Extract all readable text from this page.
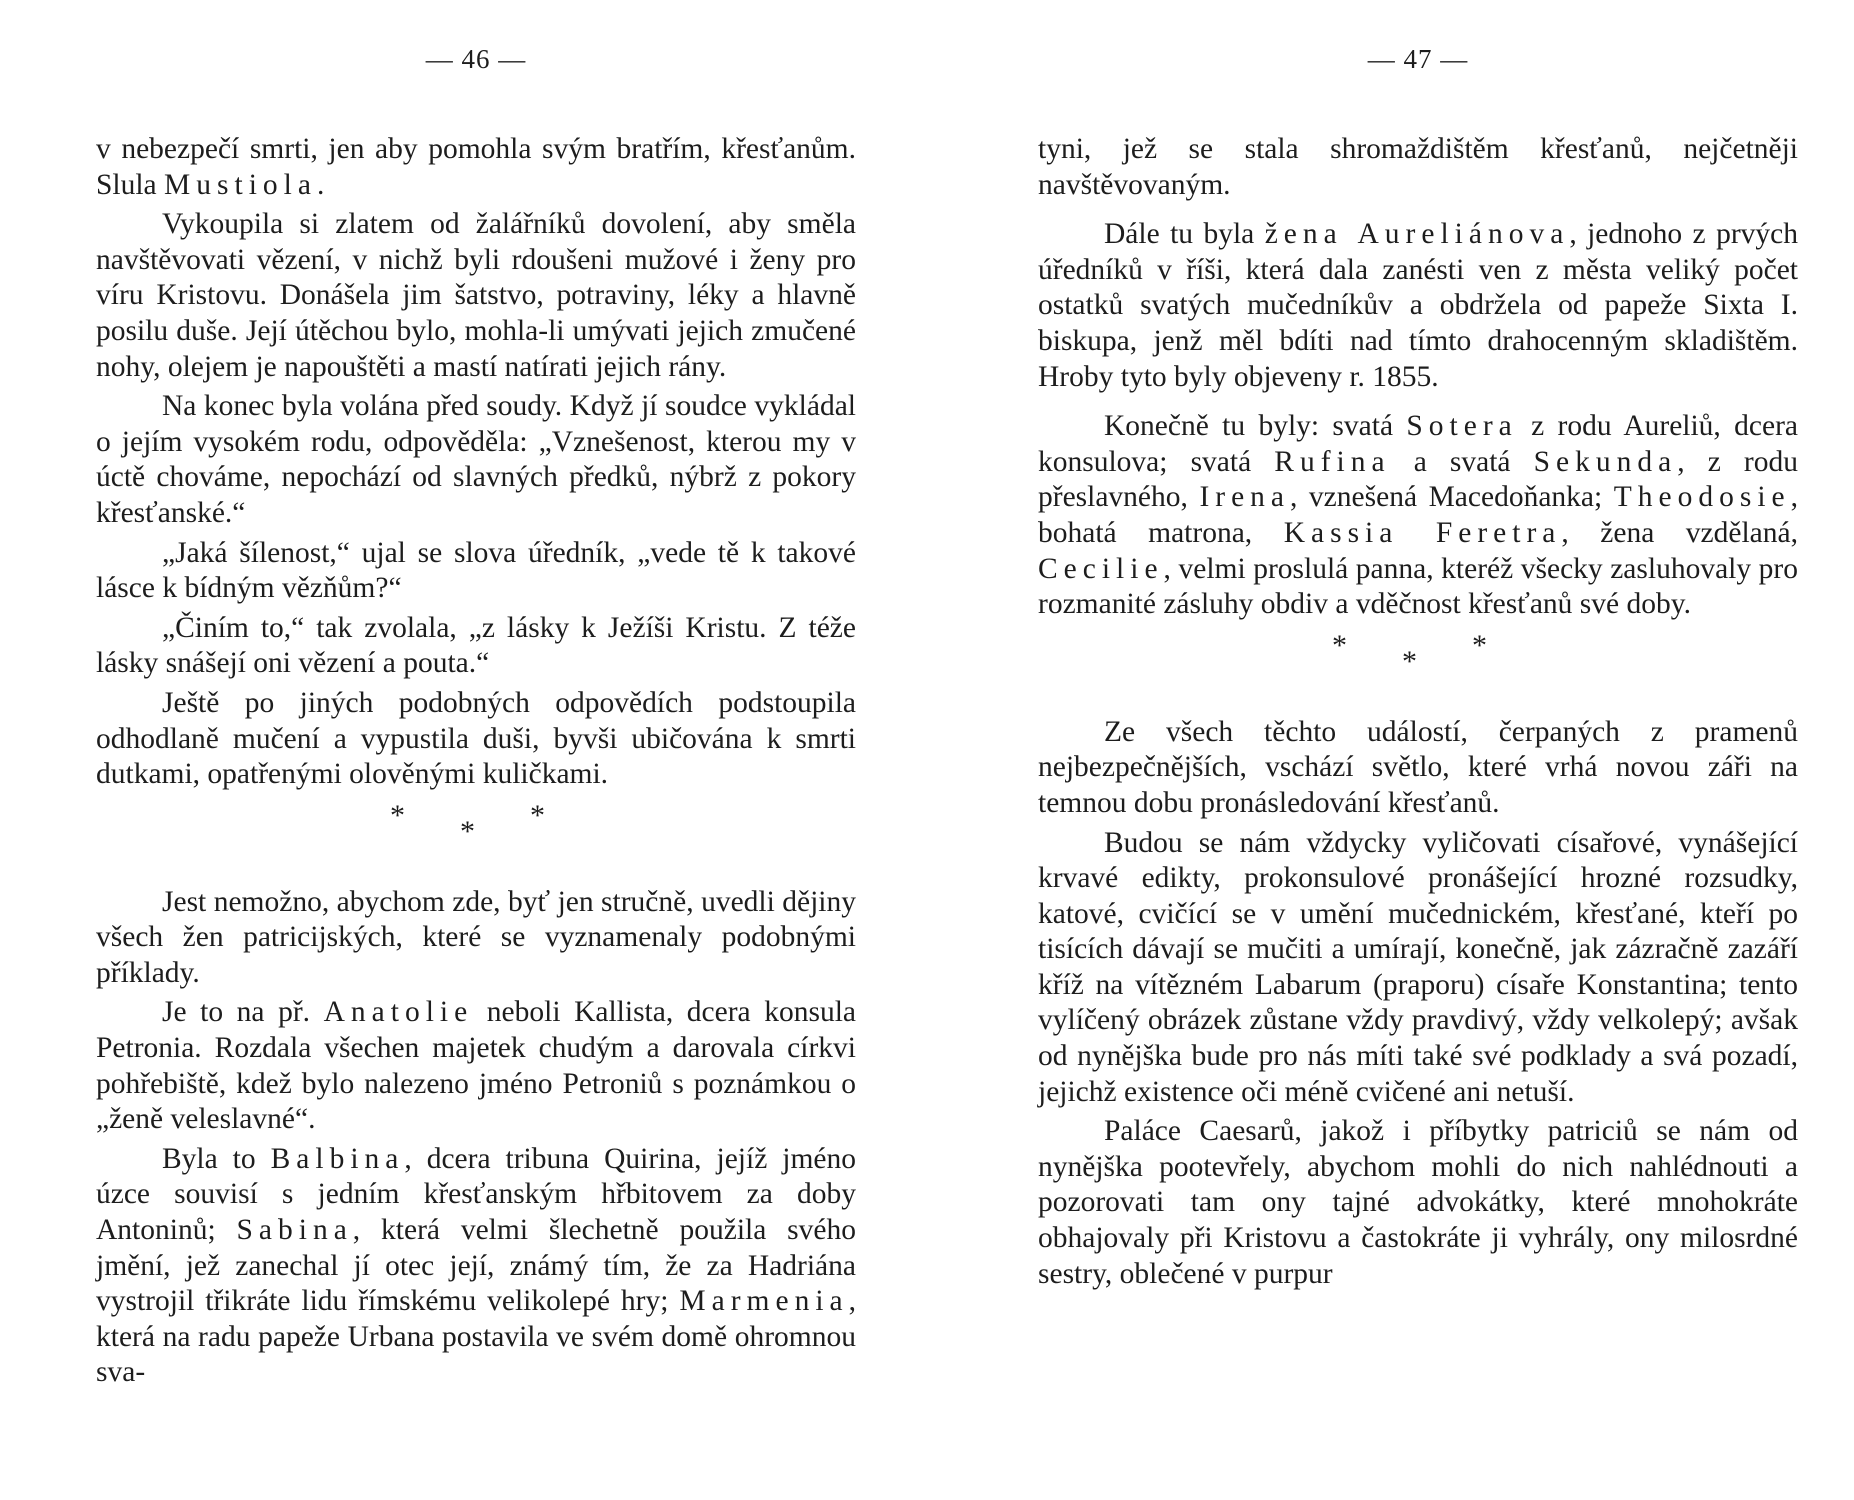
— 46 —

v nebezpečí smrti, jen aby pomohla svým bratřím, křesťanům. Slula Mustiola.

Vykoupila si zlatem od žalářníků dovolení, aby směla navštěvovati vězení, v nichž byli rdoušeni mužové i ženy pro víru Kristovu. Donášela jim šatstvo, potraviny, léky a hlavně posilu duše. Její útěchou bylo, mohla-li umývati jejich zmučené nohy, olejem je napouštěti a mastí natírati jejich rány.

Na konec byla volána před soudy. Když jí soudce vykládal o jejím vysokém rodu, odpověděla: „Vznešenost, kterou my v úctě chováme, nepochází od slavných předků, nýbrž z pokory křesťanské.“

„Jaká šílenost,“ ujal se slova úředník, „vede tě k takové lásce k bídným vězňům?“

„Činím to,“ tak zvolala, „z lásky k Ježíši Kristu. Z téže lásky snášejí oni vězení a pouta.“

Ještě po jiných podobných odpovědích podstoupila odhodlaně mučení a vypustila duši, byvši ubičována k smrti dutkami, opatřenými olověnými kuličkami.

* * *

Jest nemožno, abychom zde, byť jen stručně, uvedli dějiny všech žen patricijských, které se vyznamenaly podobnými příklady.

Je to na př. Anatolie neboli Kallista, dcera konsula Petronia. Rozdala všechen majetek chudým a darovala církvi pohřebiště, kdež bylo nalezeno jméno Petroniů s poznámkou o „ženě veleslavné“.

Byla to Balbina, dcera tribuna Quirina, jejíž jméno úzce souvisí s jedním křesťanským hřbitovem za doby Antoninů; Sabina, která velmi šlechetně použila svého jmění, jež zanechal jí otec její, známý tím, že za Hadriána vystrojil třikráte lidu římskému velikolepé hry; Marmenia, která na radu papeže Urbana postavila ve svém domě ohromnou sva-

— 47 —

tyni, jež se stala shromaždištěm křesťanů, nejčetněji navštěvovaným.

Dále tu byla žena Aureliánova, jednoho z prvých úředníků v říši, která dala zanésti ven z města veliký počet ostatků svatých mučedníkův a obdržela od papeže Sixta I. biskupa, jenž měl bdíti nad tímto drahocenným skladištěm. Hroby tyto byly objeveny r. 1855.

Konečně tu byly: svatá Sotera z rodu Aureliů, dcera konsulova; svatá Rufina a svatá Sekunda, z rodu přeslavného, Irena, vznešená Macedoňanka; Theodosie, bohatá matrona, Kassia Feretra, žena vzdělaná, Cecilie, velmi proslulá panna, kteréž všecky zasluhovaly pro rozmanité zásluhy obdiv a vděčnost křesťanů své doby.

* * *

Ze všech těchto událostí, čerpaných z pramenů nejbezpečnějších, vschází světlo, které vrhá novou záři na temnou dobu pronásledování křesťanů.

Budou se nám vždycky vyličovati císařové, vynášející krvavé edikty, prokonsulové pronášející hrozné rozsudky, katové, cvičící se v umění mučednickém, křesťané, kteří po tisících dávají se mučiti a umírají, konečně, jak zázračně zazáří kříž na vítězném Labarum (praporu) císaře Konstantina; tento vylíčený obrázek zůstane vždy pravdivý, vždy velkolepý; avšak od nynějška bude pro nás míti také své podklady a svá pozadí, jejichž existence oči méně cvičené ani netuší.

Paláce Caesarů, jakož i příbytky patriciů se nám od nynějška pootevřely, abychom mohli do nich nahlédnouti a pozorovati tam ony tajné advokátky, které mnohokráte obhajovaly při Kristovu a častokráte ji vyhrály, ony milosrdné sestry, oblečené v purpur
